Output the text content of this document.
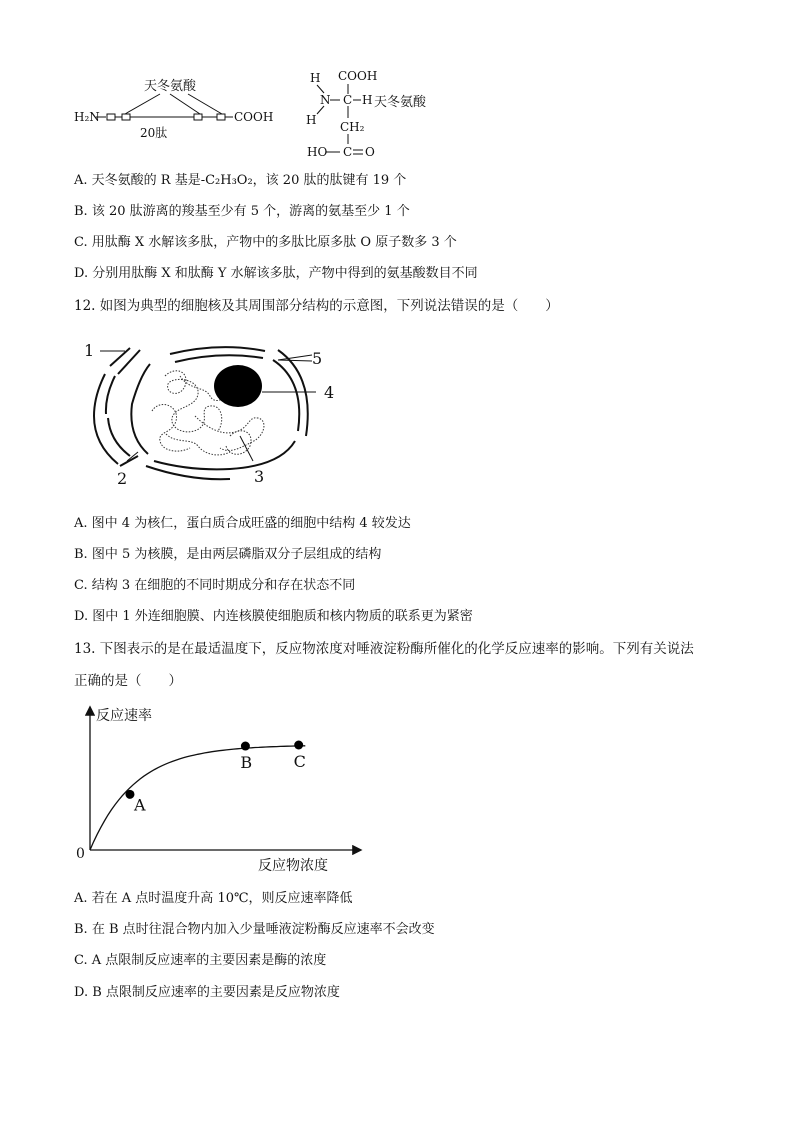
天冬氨酸
H₂N	COOH
20肽
H COOH
N C H 天冬氨酸
H CH₂
HO C O
A. 天冬氨酸的 R 基是-C₂H₃O₂，该 20 肽的肽键有 19 个
B. 该 20 肽游离的羧基至少有 5 个，游离的氨基至少 1 个
C. 用肽酶 X 水解该多肽，产物中的多肽比原多肽 O 原子数多 3 个
D. 分别用肽酶 X 和肽酶 Y 水解该多肽，产物中得到的氨基酸数目不同
12. 如图为典型的细胞核及其周围部分结构的示意图，下列说法错误的是（　　）
1
2	3
4
5
A. 图中 4 为核仁，蛋白质合成旺盛的细胞中结构 4 较发达
B. 图中 5 为核膜，是由两层磷脂双分子层组成的结构
C. 结构 3 在细胞的不同时期成分和存在状态不同
D. 图中 1 外连细胞膜、内连核膜使细胞质和核内物质的联系更为紧密
13. 下图表示的是在最适温度下，反应物浓度对唾液淀粉酶所催化的化学反应速率的影响。下列有关说法
正确的是（　　）
反应速率
反应物浓度
0
A
B	C
A. 若在 A 点时温度升高 10℃，则反应速率降低
B. 在 B 点时往混合物内加入少量唾液淀粉酶反应速率不会改变
C. A 点限制反应速率的主要因素是酶的浓度
D. B 点限制反应速率的主要因素是反应物浓度
